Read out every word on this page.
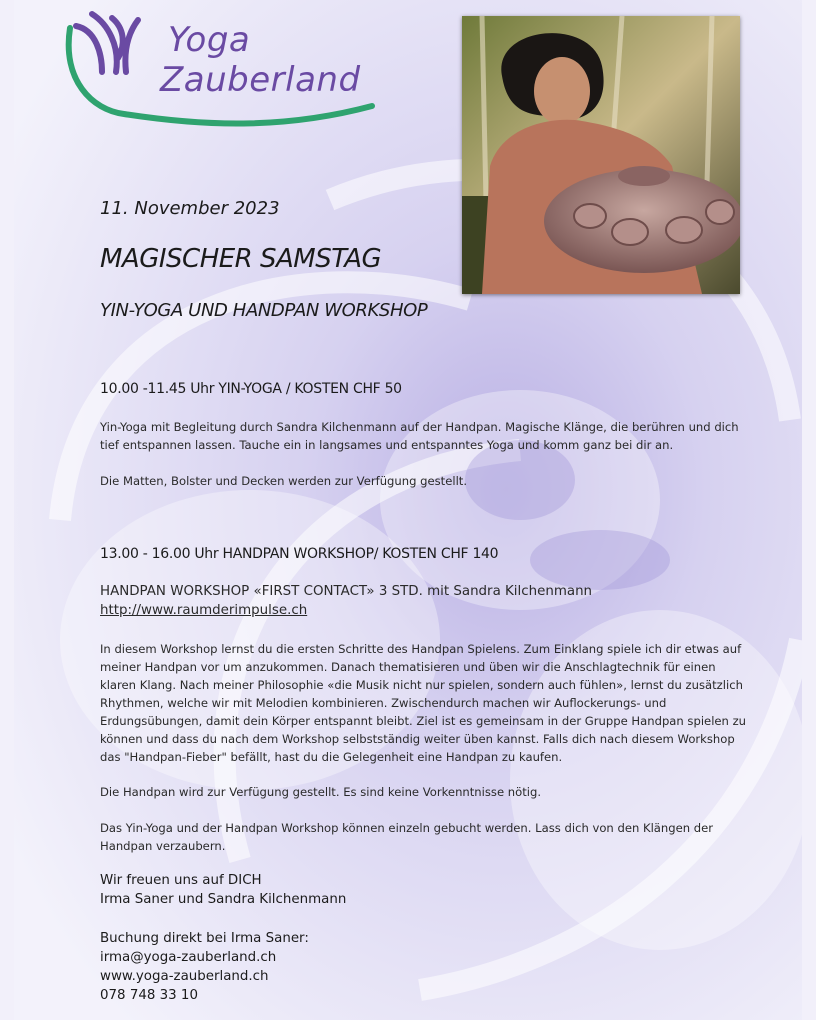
Yoga
Zauberland
11. November 2023
MAGISCHER SAMSTAG
YIN-YOGA UND HANDPAN WORKSHOP
10.00 -11.45 Uhr YIN-YOGA / KOSTEN CHF 50
Yin-Yoga mit Begleitung durch Sandra Kilchenmann auf der Handpan. Magische Klänge, die berühren und dich tief entspannen lassen. Tauche ein in langsames und entspanntes Yoga und komm ganz bei dir an.
Die Matten, Bolster und Decken werden zur Verfügung gestellt.
13.00 - 16.00 Uhr HANDPAN WORKSHOP/ KOSTEN CHF 140
HANDPAN WORKSHOP «FIRST CONTACT» 3 STD. mit Sandra Kilchenmann
http://www.raumderimpulse.ch
In diesem Workshop lernst du die ersten Schritte des Handpan Spielens. Zum Einklang spiele ich dir etwas auf meiner Handpan vor um anzukommen. Danach thematisieren und üben wir die Anschlagtechnik für einen klaren Klang. Nach meiner Philosophie «die Musik nicht nur spielen, sondern auch fühlen», lernst du zusätzlich Rhythmen, welche wir mit Melodien kombinieren. Zwischendurch machen wir Auflockerungs- und Erdungsübungen, damit dein Körper entspannt bleibt. Ziel ist es gemeinsam in der Gruppe Handpan spielen zu können und dass du nach dem Workshop selbstständig weiter üben kannst. Falls dich nach diesem Workshop das "Handpan-Fieber" befällt, hast du die Gelegenheit eine Handpan zu kaufen.
Die Handpan wird zur Verfügung gestellt. Es sind keine Vorkenntnisse nötig.
Das Yin-Yoga und der Handpan Workshop können einzeln gebucht werden. Lass dich von den Klängen der Handpan verzaubern.
Wir freuen uns auf DICH
Irma Saner und Sandra Kilchenmann
Buchung direkt bei Irma Saner:
irma@yoga-zauberland.ch
www.yoga-zauberland.ch
078 748 33 10
